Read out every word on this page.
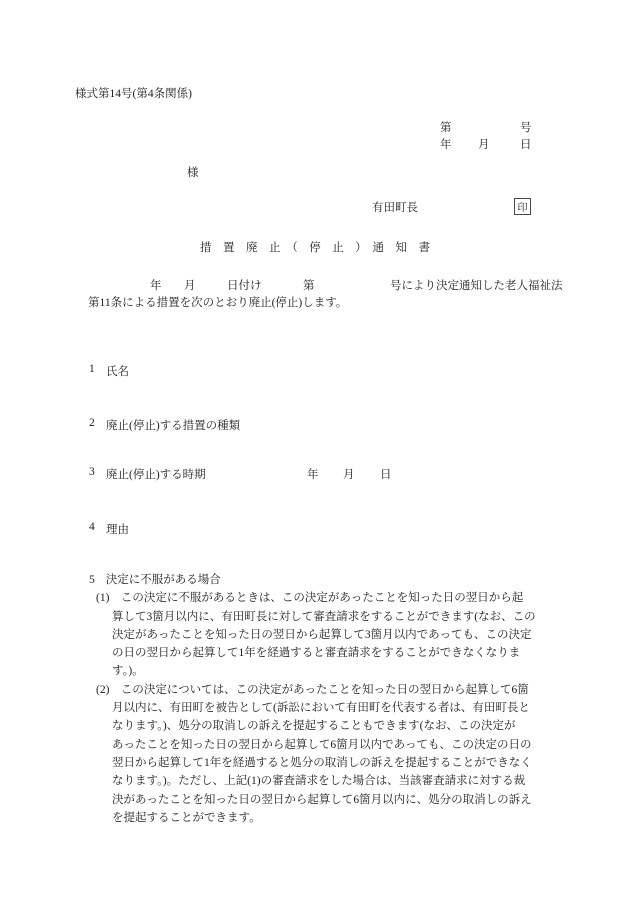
様式第14号(第4条関係)
第	号
年 月	日
様
有田町長	印
措　置　廃　止　（　停　止　）　通　知　書
年 月	日付け	第	号により決定通知した老人福祉法
第11条による措置を次のとおり廃止(停止)します。
1 氏名
2 廃止(停止)する措置の種類
3 廃止(停止)する時期	年 月 日
4 理由
5 決定に不服がある場合
(1)　この決定に不服があるときは、この決定があったことを知った日の翌日から起
算して3箇月以内に、有田町長に対して審査請求をすることができます(なお、この
決定があったことを知った日の翌日から起算して3箇月以内であっても、この決定
の日の翌日から起算して1年を経過すると審査請求をすることができなくなりま
す。)。
(2)　この決定については、この決定があったことを知った日の翌日から起算して6箇
月以内に、有田町を被告として(訴訟において有田町を代表する者は、有田町長と
なります。)、処分の取消しの訴えを提起することもできます(なお、この決定が
あったことを知った日の翌日から起算して6箇月以内であっても、この決定の日の
翌日から起算して1年を経過すると処分の取消しの訴えを提起することができなく
なります。)。ただし、上記(1)の審査請求をした場合は、当該審査請求に対する裁
決があったことを知った日の翌日から起算して6箇月以内に、処分の取消しの訴え
を提起することができます。
